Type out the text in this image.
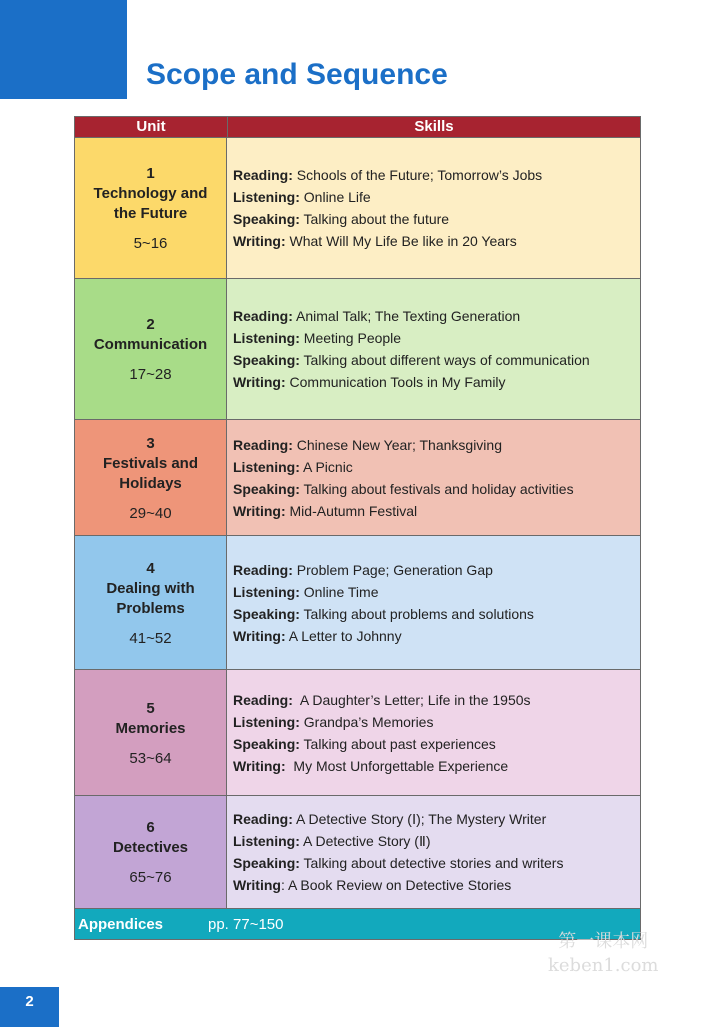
Scope and Sequence
Unit	Skills
1
Technology and
the Future
5~16
Reading: Schools of the Future; Tomorrow’s Jobs
Listening: Online Life
Speaking: Talking about the future
Writing: What Will My Life Be like in 20 Years
2
Communication
17~28
Reading: Animal Talk; The Texting Generation
Listening: Meeting People
Speaking: Talking about different ways of communication
Writing: Communication Tools in My Family
3
Festivals and
Holidays
29~40
Reading: Chinese New Year; Thanksgiving
Listening: A Picnic
Speaking: Talking about festivals and holiday activities
Writing: Mid-Autumn Festival
4
Dealing with
Problems
41~52
Reading: Problem Page; Generation Gap
Listening: Online Time
Speaking: Talking about problems and solutions
Writing: A Letter to Johnny
5
Memories
53~64
Reading:  A Daughter’s Letter; Life in the 1950s
Listening: Grandpa’s Memories
Speaking: Talking about past experiences
Writing:  My Most Unforgettable Experience
6
Detectives
65~76
Reading: A Detective Story (Ⅰ); The Mystery Writer
Listening: A Detective Story (Ⅱ)
Speaking: Talking about detective stories and writers
Writing: A Book Review on Detective Stories
Appendices	pp. 77~150
2
第一课本网
keben1.com
